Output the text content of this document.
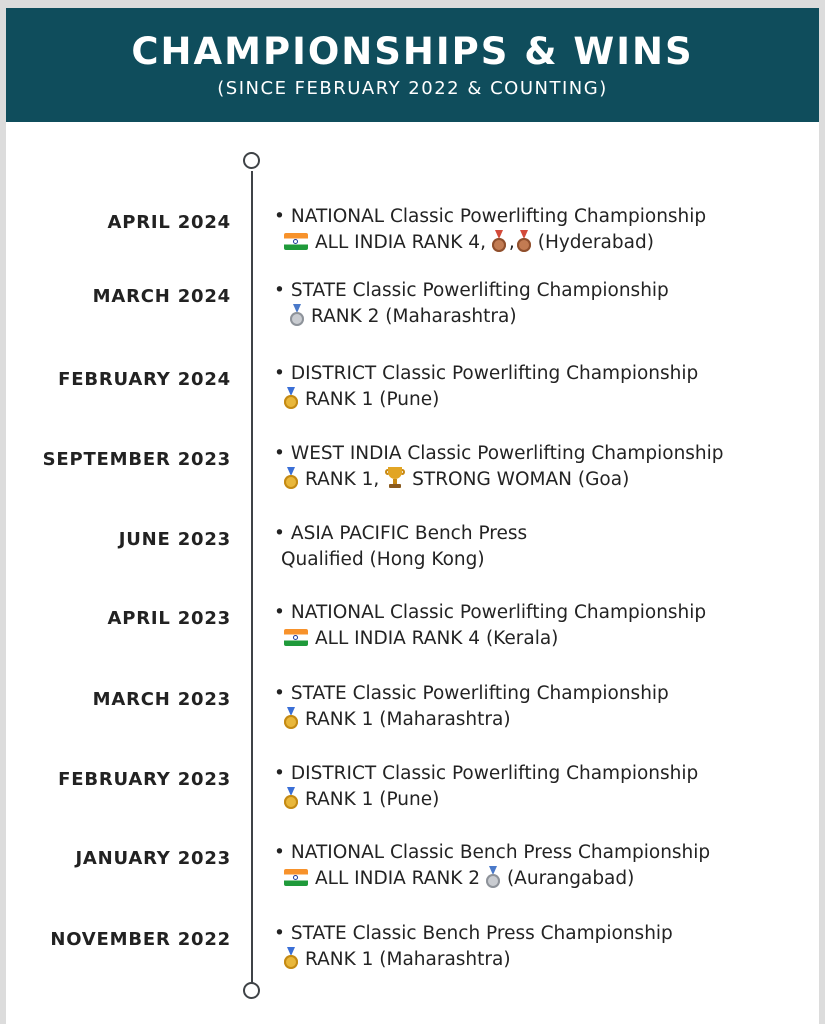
CHAMPIONSHIPS & WINS
(SINCE FEBRUARY 2022 & COUNTING)
APRIL 2024 • NATIONAL Classic Powerlifting Championship
ALL INDIA RANK 4, , (Hyderabad)
MARCH 2024 • STATE Classic Powerlifting Championship
RANK 2 (Maharashtra)
FEBRUARY 2024 • DISTRICT Classic Powerlifting Championship
RANK 1 (Pune)
SEPTEMBER 2023 • WEST INDIA Classic Powerlifting Championship
RANK 1, STRONG WOMAN (Goa)
JUNE 2023 • ASIA PACIFIC Bench Press
Qualified (Hong Kong)
APRIL 2023 • NATIONAL Classic Powerlifting Championship
ALL INDIA RANK 4 (Kerala)
MARCH 2023 • STATE Classic Powerlifting Championship
RANK 1 (Maharashtra)
FEBRUARY 2023 • DISTRICT Classic Powerlifting Championship
RANK 1 (Pune)
JANUARY 2023 • NATIONAL Classic Bench Press Championship
ALL INDIA RANK 2 (Aurangabad)
NOVEMBER 2022 • STATE Classic Bench Press Championship
RANK 1 (Maharashtra)
